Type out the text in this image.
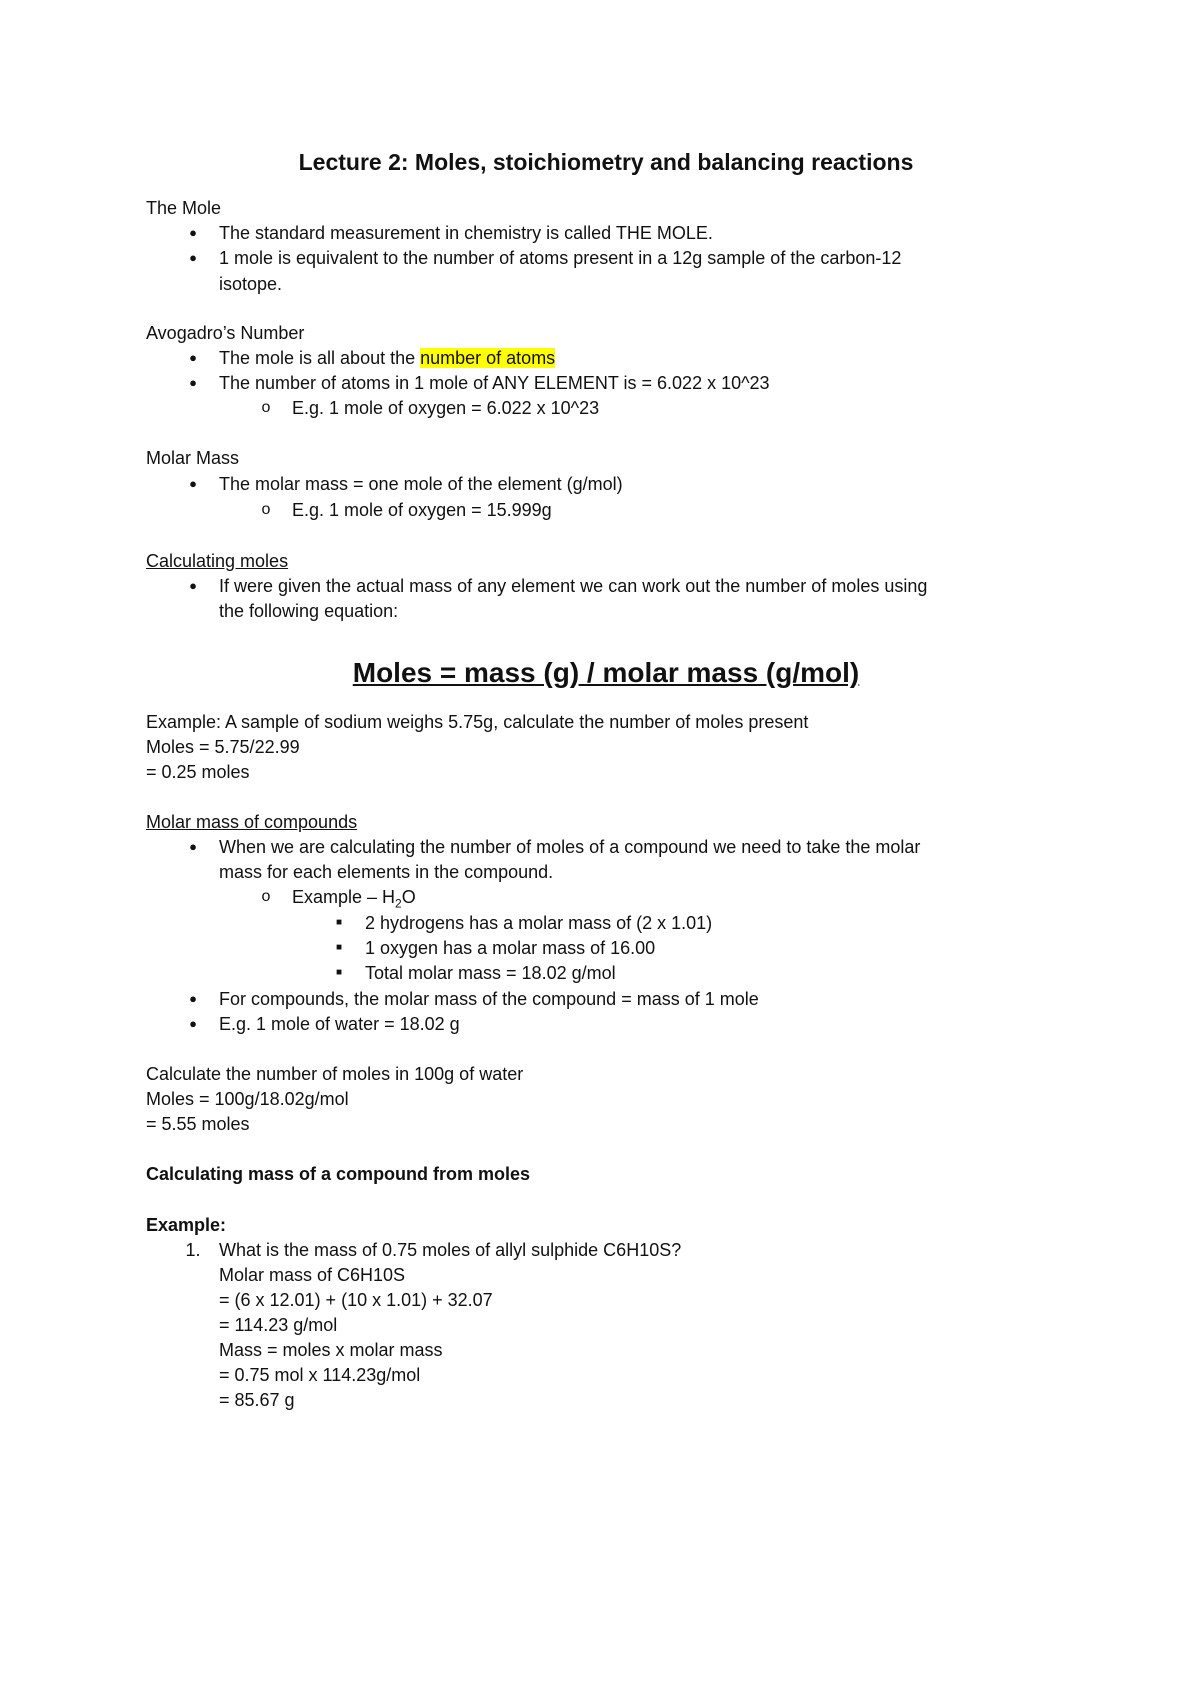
Lecture 2: Moles, stoichiometry and balancing reactions
The Mole
●	The standard measurement in chemistry is called THE MOLE.
●	1 mole is equivalent to the number of atoms present in a 12g sample of the carbon-12
isotope.
Avogadro’s Number
●	The mole is all about the number of atoms
●	The number of atoms in 1 mole of ANY ELEMENT is = 6.022 x 10^23
o	E.g. 1 mole of oxygen = 6.022 x 10^23
Molar Mass
●	The molar mass = one mole of the element (g/mol)
o	E.g. 1 mole of oxygen = 15.999g
Calculating moles
●	If were given the actual mass of any element we can work out the number of moles using
the following equation:
Moles = mass (g) / molar mass (g/mol)
Example: A sample of sodium weighs 5.75g, calculate the number of moles present
Moles = 5.75/22.99
= 0.25 moles
Molar mass of compounds
●	When we are calculating the number of moles of a compound we need to take the molar
mass for each elements in the compound.
o	Example – $H_2O$
■	2 hydrogens has a molar mass of (2 x 1.01)
■	1 oxygen has a molar mass of 16.00
■	Total molar mass = 18.02 g/mol
●	For compounds, the molar mass of the compound = mass of 1 mole
●	E.g. 1 mole of water = 18.02 g
Calculate the number of moles in 100g of water
Moles = 100g/18.02g/mol
= 5.55 moles
Calculating mass of a compound from moles
Example:
1. What is the mass of 0.75 moles of allyl sulphide C6H10S?
Molar mass of C6H10S
= (6 x 12.01) + (10 x 1.01) + 32.07
= 114.23 g/mol
Mass = moles x molar mass
= 0.75 mol x 114.23g/mol
= 85.67 g
